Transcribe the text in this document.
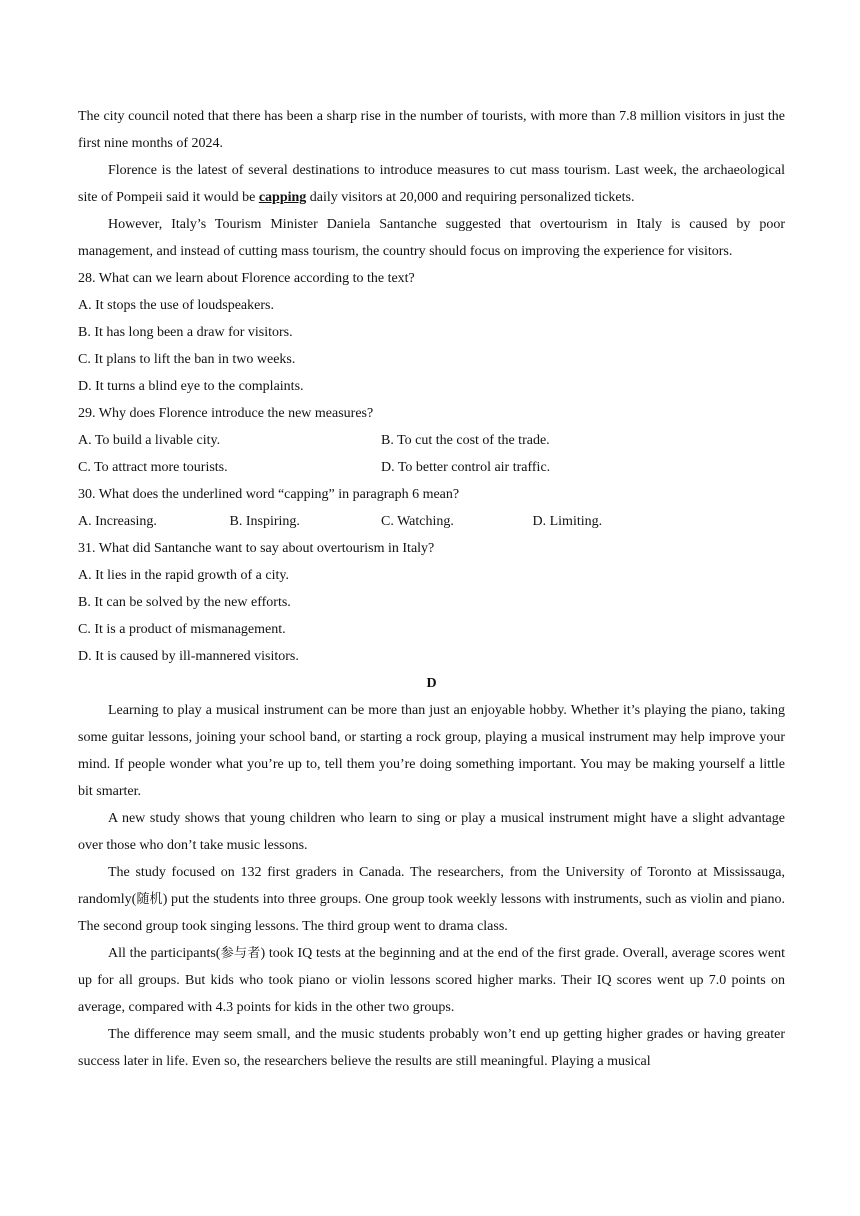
The city council noted that there has been a sharp rise in the number of tourists, with more than 7.8 million visitors in just the first nine months of 2024.
Florence is the latest of several destinations to introduce measures to cut mass tourism. Last week, the archaeological site of Pompeii said it would be capping daily visitors at 20,000 and requiring personalized tickets.
However, Italy’s Tourism Minister Daniela Santanche suggested that overtourism in Italy is caused by poor management, and instead of cutting mass tourism, the country should focus on improving the experience for visitors.
28. What can we learn about Florence according to the text?
A. It stops the use of loudspeakers.
B. It has long been a draw for visitors.
C. It plans to lift the ban in two weeks.
D. It turns a blind eye to the complaints.
29. Why does Florence introduce the new measures?
A. To build a livable city.	B. To cut the cost of the trade.
C. To attract more tourists.	D. To better control air traffic.
30. What does the underlined word “capping” in paragraph 6 mean?
A. Increasing.	B. Inspiring.	C. Watching.	D. Limiting.
31. What did Santanche want to say about overtourism in Italy?
A. It lies in the rapid growth of a city.
B. It can be solved by the new efforts.
C. It is a product of mismanagement.
D. It is caused by ill-mannered visitors.
D
Learning to play a musical instrument can be more than just an enjoyable hobby. Whether it’s playing the piano, taking some guitar lessons, joining your school band, or starting a rock group, playing a musical instrument may help improve your mind. If people wonder what you’re up to, tell them you’re doing something important. You may be making yourself a little bit smarter.
A new study shows that young children who learn to sing or play a musical instrument might have a slight advantage over those who don’t take music lessons.
The study focused on 132 first graders in Canada. The researchers, from the University of Toronto at Mississauga, randomly(随机) put the students into three groups. One group took weekly lessons with instruments, such as violin and piano. The second group took singing lessons. The third group went to drama class.
All the participants(参与者) took IQ tests at the beginning and at the end of the first grade. Overall, average scores went up for all groups. But kids who took piano or violin lessons scored higher marks. Their IQ scores went up 7.0 points on average, compared with 4.3 points for kids in the other two groups.
The difference may seem small, and the music students probably won’t end up getting higher grades or having greater success later in life. Even so, the researchers believe the results are still meaningful. Playing a musical
